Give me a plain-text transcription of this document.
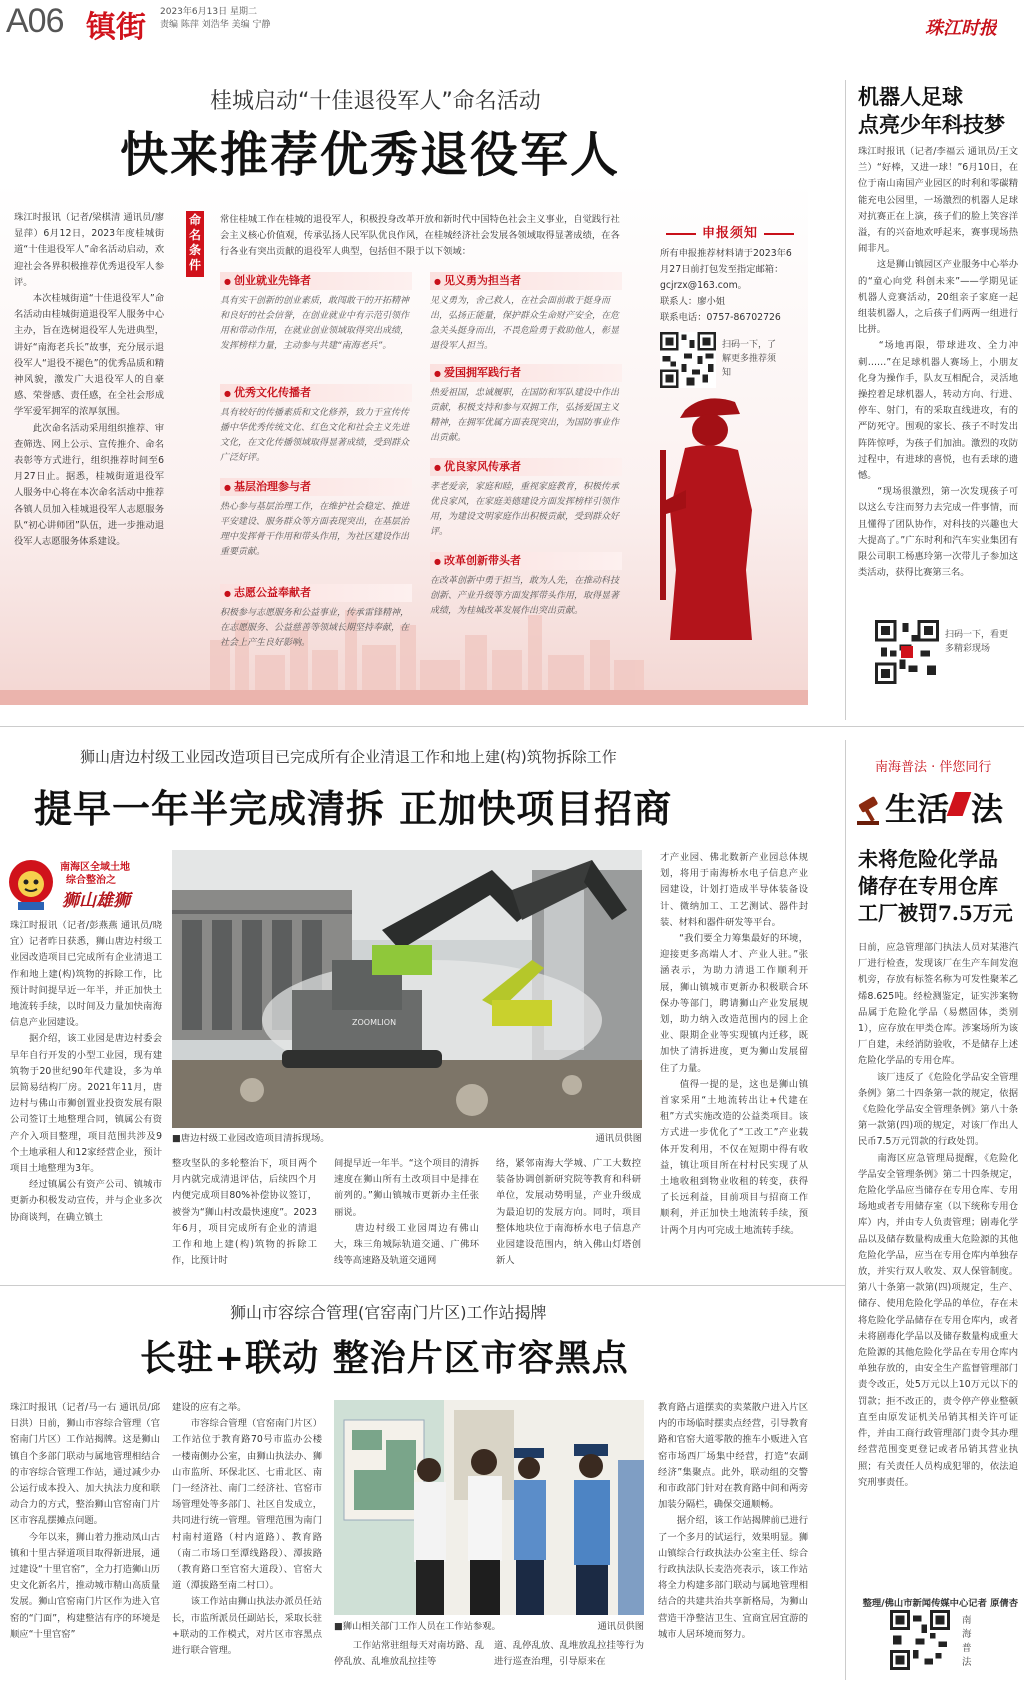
A06 镇街 2023年6月13日 星期二
责编 陈萍 刘浩华 美编 宁静	珠江时报
桂城启动“十佳退役军人”命名活动
快来推荐优秀退役军人
珠江时报讯（记者/梁棋清 通讯员/廖显萍）6月12日，2023年度桂城街道“十佳退役军人”命名活动启动，欢迎社会各界积极推荐优秀退役军人参评。
　　本次桂城街道“十佳退役军人”命名活动由桂城街道退役军人服务中心主办，旨在选树退役军人先进典型，讲好“南海老兵长”故事，充分展示退役军人“退役不褪色”的优秀品质和精神风貌，激发广大退役军人的自豪感、荣誉感、责任感，在全社会形成学军爱军拥军的浓厚氛围。
　　此次命名活动采用组织推荐、审查筛选、网上公示、宣传推介、命名表彰等方式进行，组织推荐时间至6月27日止。据悉，桂城街道退役军人服务中心将在本次命名活动中推荐各镇人员加入桂城退役军人志愿服务队“初心讲师团”队伍，进一步推动退役军人志愿服务体系建设。
命名条件
常住桂城工作在桂城的退役军人，积极投身改革开放和新时代中国特色社会主义事业，自觉践行社会主义核心价值观，传承弘扬人民军队优良作风，在桂城经济社会发展各领域取得显著成绩，在各行各业有突出贡献的退役军人典型，包括但不限于以下领域：
● 创业就业先锋者
具有实干创新的创业素质，敢闯敢干的开拓精神和良好的社会信誉，在创业就业中有示范引领作用和带动作用，在就业创业领域取得突出成绩，发挥榜样力量，主动参与共建“南海老兵”。
● 见义勇为担当者
见义勇为，舍己救人，在社会面前敢于挺身而出，弘扬正能量，保护群众生命财产安全，在危急关头挺身而出，不畏危险勇于救助他人，彰显退役军人担当。
● 优秀文化传播者
具有较好的传播素质和文化修养，致力于宣传传播中华优秀传统文化、红色文化和社会主义先进文化，在文化传播领域取得显著成绩，受到群众广泛好评。
● 爱国拥军践行者
热爱祖国，忠诚履职，在国防和军队建设中作出贡献，积极支持和参与双拥工作，弘扬爱国主义精神，在拥军优属方面表现突出，为国防事业作出贡献。
● 基层治理参与者
热心参与基层治理工作，在维护社会稳定、推进平安建设、服务群众等方面表现突出，在基层治理中发挥骨干作用和带头作用，为社区建设作出重要贡献。
● 优良家风传承者
孝老爱亲，家庭和睦，重视家庭教育，积极传承优良家风，在家庭美德建设方面发挥榜样引领作用，为建设文明家庭作出积极贡献，受到群众好评。
● 志愿公益奉献者
积极参与志愿服务和公益事业，传承雷锋精神，在志愿服务、公益慈善等领域长期坚持奉献，在社会上产生良好影响。
● 改革创新带头者
在改革创新中勇于担当，敢为人先，在推动科技创新、产业升级等方面发挥带头作用，取得显著成绩，为桂城改革发展作出突出贡献。
申报须知
所有申报推荐材料请于2023年6月27日前打包发至指定邮箱：gcjrzx@163.com。
联系人：廖小姐
联系电话：0757-86702726
扫码一下，了解更多推荐须知
机器人足球
点亮少年科技梦
珠江时报讯（记者/李福云 通讯员/王文兰）“好棒，又进一球！”6月10日，在位于南山南国产业园区的时利和零碳精能充电公园里，一场激烈的机器人足球对抗赛正在上演，孩子们的脸上笑容洋溢，有的兴奋地欢呼起来，赛事现场热闹非凡。
　　这是狮山镇园区产业服务中心举办的“童心向党 科创未来”——学期见证机器人竞赛活动，20组亲子家庭一起组装机器人，之后孩子们两两一组进行比拼。
　　“场地再限，带球进攻、全力冲刺……”在足球机器人赛场上，小朋友化身为操作手，队友互相配合，灵活地操控着足球机器人，转动方向、行进、停车、射门，有的采取直线进攻，有的严防死守。围观的家长、孩子不时发出阵阵惊呼，为孩子们加油。激烈的攻防过程中，有进球的喜悦，也有丢球的遗憾。
　　“现场很激烈，第一次发现孩子可以这么专注而努力去完成一件事情，而且懂得了团队协作，对科技的兴趣也大大提高了。”广东时利和汽车实业集团有限公司职工杨惠玲第一次带儿子参加这类活动，获得比赛第三名。
扫码一下，看更多精彩现场
狮山唐边村级工业园改造项目已完成所有企业清退工作和地上建(构)筑物拆除工作
提早一年半完成清拆 正加快项目招商
南海区全域土地
综合整治之
狮山雄狮
珠江时报讯（记者/彭燕燕 通讯员/晓宜）记者昨日获悉，狮山唐边村级工业园改造项目已完成所有企业清退工作和地上建(构)筑物的拆除工作，比预计时间提早近一年半，并正加快土地流转手续，以时间及力量加快南海信息产业园建设。
　　据介绍，该工业园是唐边村委会早年自行开发的小型工业园，现有建筑物于20世纪90年代建设，多为单层简易结构厂房。2021年11月，唐边村与佛山市狮创置业投资发展有限公司签订土地整理合同，镇属公有资产介入项目整理，项目范围共涉及9个土地承租人和12家经营企业，预计项目土地整理为3年。
　　经过镇属公有资产公司、镇城市更新办积极发动宣传，并与企业多次协商谈判，在确立镇土
ZOOMLION
■唐边村级工业园改造项目清拆现场。	通讯员供图
整攻坚队的多轮整治下，项目两个月内就完成清退评估，后续四个月内便完成项目80%补偿协议签订，被誉为“狮山村改最快速度”。2023年6月，项目完成所有企业的清退工作和地上建(构)筑物的拆除工作，比预计时
间提早近一年半。“这个项目的清拆速度在狮山所有土改项目中是排在前列的。”狮山镇城市更新办主任张丽说。
　　唐边村级工业园周边有佛山大，珠三角城际轨道交通、广佛环线等高速路及轨道交通网
络，紧邻南海大学城、广工大数控装备协调创新研究院等教育和科研单位，发展动势明显，产业升级成为最迫切的发展方向。同时，项目整体地块位于南海桥水电子信息产业园建设范围内，纳入佛山灯塔创新人
才产业园、佛北数新产业园总体规划，将用于南海桥水电子信息产业园建设，计划打造成半导体装备设计、微纳加工、工艺测试、器件封装、材料和器件研发等平台。
　　“我们要全力筹集最好的环境，迎接更多高端人才、产业人驻。”张涵表示，为助力清退工作顺利开展，狮山镇城市更新办积极联合环保办等部门，聘请狮山产业发展规划，助力纳入改造范围内的园上企业、限期企业等实现镇内迁移，既加快了清拆进度，更为狮山发展留住了力量。
　　值得一提的是，这也是狮山镇首家采用“土地流转出让+代建在租”方式实施改造的公益类项目。该方式进一步优化了“工改工”产业载体开发利用，不仅在短期中得有收益，镇让项目所在村村民实现了从土地收租到物业收租的转变，获得了长远利益，目前项目与招商工作顺利，并正加快土地流转手续，预计两个月内可完成土地流转手续。
南海普法 · 伴您同行
生活 法
未将危险化学品
储存在专用仓库
工厂被罚7.5万元
日前，应急管理部门执法人员对某港汽厂进行检查，发现该厂在生产车间发泡机旁，存放有标签名称为可发性聚苯乙烯8.625吨。经检测鉴定，证实涉案物品属于危险化学品（易燃固体，类别1），应存放在甲类仓库。涉案场所为该厂自建，未经消防验收，不是储存上述危险化学品的专用仓库。
　　该厂违反了《危险化学品安全管理条例》第二十四条第一款的规定，依据《危险化学品安全管理条例》第八十条第一款第(四)项的规定，对该厂作出人民币7.5万元罚款的行政处罚。
　　南海区应急管理局提醒，《危险化学品安全管理条例》第二十四条规定，危险化学品应当储存在专用仓库、专用场地或者专用储存室（以下统称专用仓库）内，并由专人负责管理；剧毒化学品以及储存数量构成重大危险源的其他危险化学品，应当在专用仓库内单独存放，并实行双人收发、双人保管制度。第八十条第一款第(四)项规定，生产、储存、使用危险化学品的单位，存在未将危险化学品储存在专用仓库内，或者未将剧毒化学品以及储存数量构成重大危险源的其他危险化学品在专用仓库内单独存放的，由安全生产监督管理部门责令改正，处5万元以上10万元以下的罚款；拒不改正的，责令停产停业整顿直至由原发证机关吊销其相关许可证件，并由工商行政管理部门责令其办理经营范围变更登记或者吊销其营业执照；有关责任人员构成犯罪的，依法追究刑事责任。
整理/佛山市新闻传媒中心记者 原倩杏
南海普法
狮山市容综合管理(官窑南门片区)工作站揭牌
长驻+联动 整治片区市容黑点
珠江时报讯（记者/马一右 通讯员/邱日洪）日前，狮山市容综合管理（官窑南门片区）工作站揭牌。这是狮山镇自个多部门联动与属地管理相结合的市容综合管理工作站，通过减少办公运行成本投入、加大执法力度和联动合力的方式，整治狮山官窑南门片区市容乱摆摊点问题。
　　今年以来，狮山着力推动凤山古镇和十里古驿道项目取得新进展，通过建设“十里官窑”，全力打造狮山历史文化新名片，推动城市精山高质量发展。狮山官窑南门片区作为进入官窑的“门面”，构建整洁有序的环境是顺应“十里官窑”
建设的应有之举。
　　市容综合管理（官窑南门片区）工作站位于教育路70号市监办公楼一楼南侧办公室，由狮山执法办、狮山市监所、环保北区、七甫北区、南门一经济社、南门二经济社、官窑市场管理处等多部门、社区自发成立，共同进行统一管理。管理范围为南门村南村道路（村内道路）、教育路（南二市场口至潭线路段）、潭拔路（教育路口至官窑大道段）、官窑大道（潭拔路至南二村口）。
　　该工作站由狮山执法办派员任站长，市监所派员任副站长，采取长驻+联动的工作模式，对片区市容黑点进行联合管理。
■狮山相关部门工作人员在工作站参观。	通讯员供图
　　工作站常驻组每天对南坊路、乱停乱放、乱堆放乱拉挂等
道、乱停乱放、乱堆放乱拉挂等行为进行巡查治理，引导原来在
教育路占道摆卖的卖菜散户进入片区内的市场临时摆卖点经营，引导教育路和官窑大道零散的推车小贩进入官窑市场西厂场集中经营，打造“农副经济”集聚点。此外，联动组的交警和市政部门针对在教育路中间和两旁加装分隔栏，确保交通顺畅。
　　据介绍，该工作站揭牌前已进行了一个多月的试运行，效果明显。狮山镇综合行政执法办公室主任、综合行政执法队长麦浩亮表示，该工作站将全力构建多部门联动与属地管理相结合的共建共治共享新格局，为狮山营造干净整洁卫生、宜商宜居宜游的城市人居环境而努力。
